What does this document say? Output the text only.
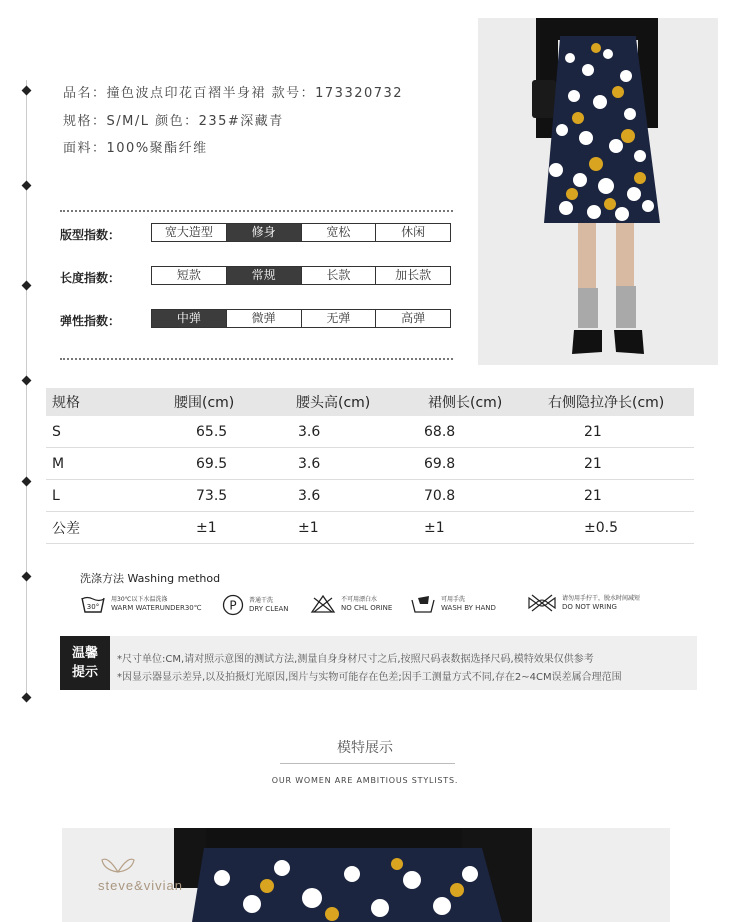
品名：撞色波点印花百褶半身裙 款号：173320732
规格：S/M/L 颜色：235#深藏青
面料：100%聚酯纤维
版型指数：	宽大造型	修身	宽松	休闲
长度指数：	短款	常规	长款	加长款
弹性指数：	中弹	微弹	无弹	高弹
规格	腰围(cm)	腰头高(cm)	裙侧长(cm)	右侧隐拉净长(cm)
S	65.5	3.6	68.8	21
M	69.5	3.6	69.8	21
L	73.5	3.6	70.8	21
公差	±1	±1	±1	±0.5
洗涤方法 Washing method
30°
用30℃以下水温洗涤
WARM WATERUNDER30℃ P 普通干洗
DRY CLEAN
不可用漂白水
NO CHL ORINE
可用手洗
WASH BY HAND
请勿用手拧干，脱水时间减短
DO NOT WRING
温馨
提示
*尺寸单位:CM,请对照示意图的测试方法,测量自身身材尺寸之后,按照尺码表数据选择尺码,模特效果仅供参考
*因显示器显示差异,以及拍摄灯光原因,图片与实物可能存在色差;因手工测量方式不同,存在2~4CM误差属合理范围
模特展示
OUR WOMEN ARE AMBITIOUS STYLISTS.
steve&vivian
